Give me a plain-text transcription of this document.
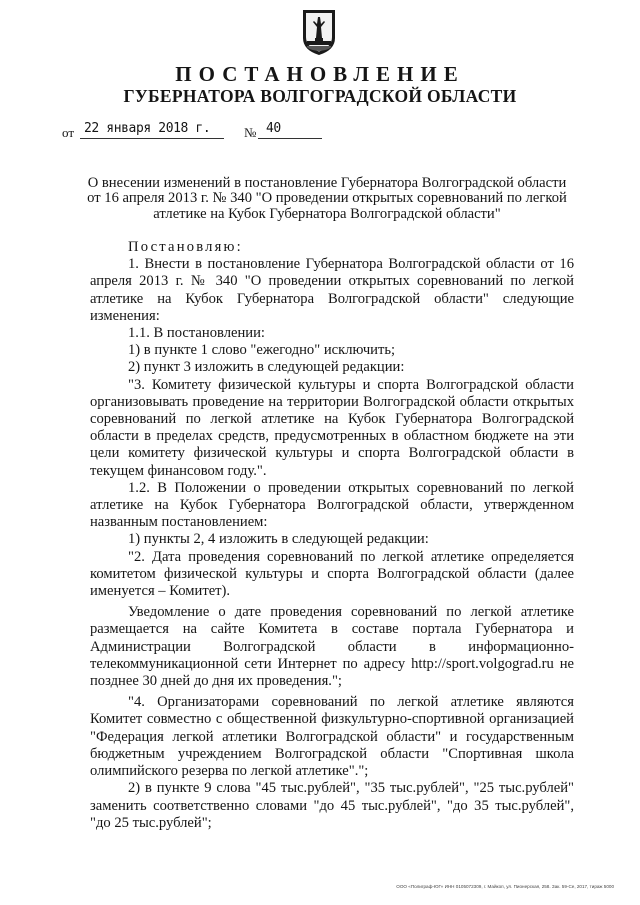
ПОСТАНОВЛЕНИЕ
ГУБЕРНАТОРА ВОЛГОГРАДСКОЙ ОБЛАСТИ
от 22 января 2018 г.	№ 40
О внесении изменений в постановление Губернатора Волгоградской области от 16 апреля 2013 г. № 340 "О проведении открытых соревнований по легкой атлетике на Кубок Губернатора Волгоградской области"

Постановляю:

1. Внести в постановление Губернатора Волгоградской области от 16 апреля 2013 г. № 340 "О проведении открытых соревнований по легкой атлетике на Кубок Губернатора Волгоградской области" следующие изменения:

1.1. В постановлении:

1) в пункте 1 слово "ежегодно" исключить;

2) пункт 3 изложить в следующей редакции:

"3. Комитету физической культуры и спорта Волгоградской области организовывать проведение на территории Волгоградской области открытых соревнований по легкой атлетике на Кубок Губернатора Волгоградской области в пределах средств, предусмотренных в областном бюджете на эти цели комитету физической культуры и спорта Волгоградской области в текущем финансовом году.".

1.2. В Положении о проведении открытых соревнований по легкой атлетике на Кубок Губернатора Волгоградской области, утвержденном названным постановлением:

1) пункты 2, 4 изложить в следующей редакции:

"2. Дата проведения соревнований по легкой атлетике определяется комитетом физической культуры и спорта Волгоградской области (далее именуется – Комитет).

Уведомление о дате проведения соревнований по легкой атлетике размещается на сайте Комитета в составе портала Губернатора и Администрации Волгоградской области в информационно-телекоммуникационной сети Интернет по адресу http://sport.volgograd.ru не позднее 30 дней до дня их проведения.";

"4. Организаторами соревнований по легкой атлетике являются Комитет совместно с общественной физкультурно-спортивной организацией "Федерация легкой атлетики Волгоградской области" и государственным бюджетным учреждением Волгоградской области "Спортивная школа олимпийского резерва по легкой атлетике".";

2) в пункте 9 слова "45 тыс.рублей", "35 тыс.рублей", "25 тыс.рублей" заменить соответственно словами "до 45 тыс.рублей", "до 35 тыс.рублей", "до 25 тыс.рублей";

ООО «Полиграф-ЮГ» ИНН 0105072309, г. Майкоп, ул. Пионерская, 258. Зак. 59-Се, 2017, тираж 5000
